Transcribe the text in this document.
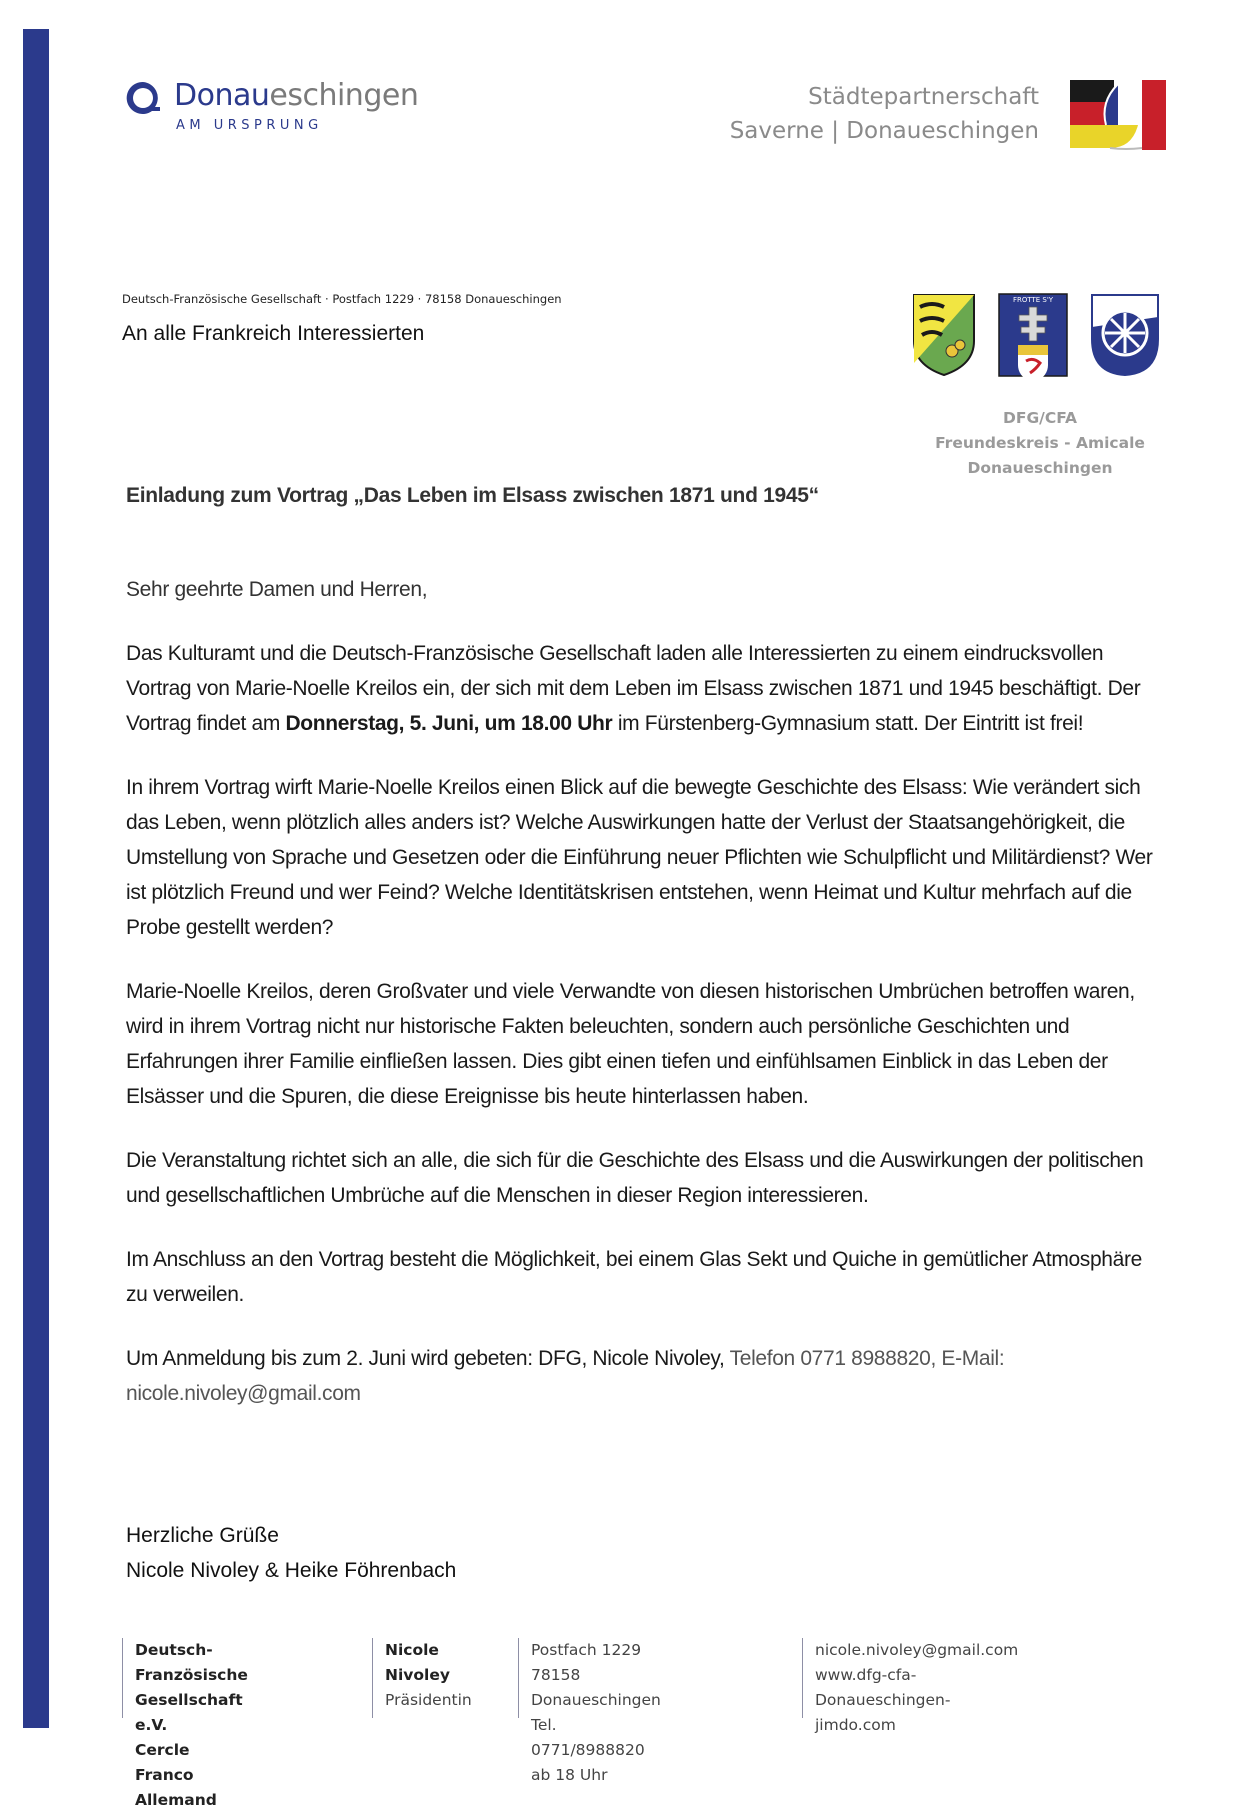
Donaueschingen
AM URSPRUNG
Städtepartnerschaft
Saverne | Donaueschingen
Deutsch-Französische Gesellschaft · Postfach 1229 · 78158 Donaueschingen
An alle Frankreich Interessierten
FROTTE S'Y
DFG/CFA
Freundeskreis - Amicale
Donaueschingen
Einladung zum Vortrag „Das Leben im Elsass zwischen 1871 und 1945“

Sehr geehrte Damen und Herren,

Das Kulturamt und die Deutsch-Französische Gesellschaft laden alle Interessierten zu einem eindrucksvollen Vortrag von Marie-Noelle Kreilos ein, der sich mit dem Leben im Elsass zwischen 1871 und 1945 beschäftigt. Der Vortrag findet am Donnerstag, 5. Juni, um 18.00 Uhr im Fürstenberg-Gymnasium statt. Der Eintritt ist frei!

In ihrem Vortrag wirft Marie-Noelle Kreilos einen Blick auf die bewegte Geschichte des Elsass: Wie verändert sich das Leben, wenn plötzlich alles anders ist? Welche Auswirkungen hatte der Verlust der Staatsangehörigkeit, die Umstellung von Sprache und Gesetzen oder die Einführung neuer Pflichten wie Schulpflicht und Militärdienst? Wer ist plötzlich Freund und wer Feind? Welche Identitätskrisen entstehen, wenn Heimat und Kultur mehrfach auf die Probe gestellt werden?

Marie-Noelle Kreilos, deren Großvater und viele Verwandte von diesen historischen Umbrüchen betroffen waren, wird in ihrem Vortrag nicht nur historische Fakten beleuchten, sondern auch persönliche Geschichten und Erfahrungen ihrer Familie einfließen lassen. Dies gibt einen tiefen und einfühlsamen Einblick in das Leben der Elsässer und die Spuren, die diese Ereignisse bis heute hinterlassen haben.

Die Veranstaltung richtet sich an alle, die sich für die Geschichte des Elsass und die Auswirkungen der politischen und gesellschaftlichen Umbrüche auf die Menschen in dieser Region interessieren.

Im Anschluss an den Vortrag besteht die Möglichkeit, bei einem Glas Sekt und Quiche in gemütlicher Atmosphäre zu verweilen.

Um Anmeldung bis zum 2. Juni wird gebeten: DFG, Nicole Nivoley, Telefon 0771 8988820, E-Mail:
nicole.nivoley@gmail.com

Herzliche Grüße
Nicole Nivoley & Heike Föhrenbach
Deutsch-Französische
Gesellschaft e.V.
Cercle Franco Allemand
Nicole Nivoley
Präsidentin
Postfach 1229
78158 Donaueschingen
Tel. 0771/8988820 ab 18 Uhr
nicole.nivoley@gmail.com
www.dfg-cfa-Donaueschingen-jimdo.com
